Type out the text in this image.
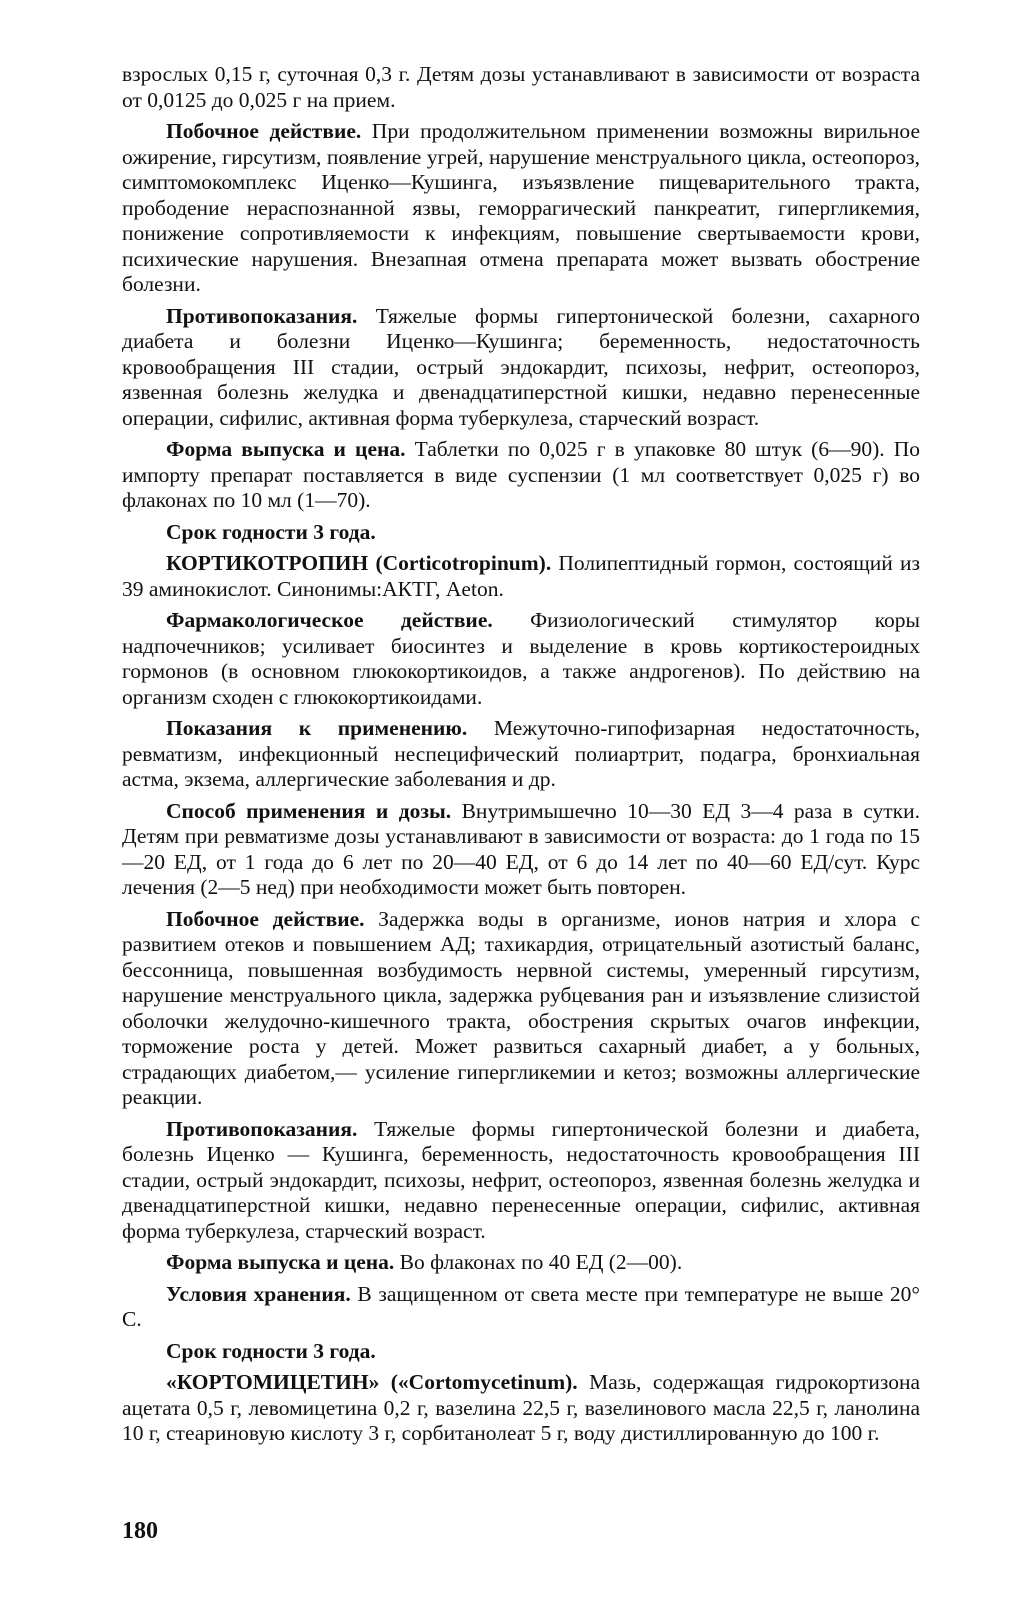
взрослых 0,15 г, суточная 0,3 г. Детям дозы устанавливают в зависимости от возраста от 0,0125 до 0,025 г на прием.

Побочное действие. При продолжительном применении возможны вирильное ожирение, гирсутизм, появление угрей, нарушение менструального цикла, остеопороз, симптомокомплекс Иценко—Кушинга, изъязвление пищеварительного тракта, прободение нераспознанной язвы, геморрагический панкреатит, гипергликемия, понижение сопротивляемости к инфекциям, повышение свертываемости крови, психические нарушения. Внезапная отмена препарата может вызвать обострение болезни.

Противопоказания. Тяжелые формы гипертонической болезни, сахарного диабета и болезни Иценко—Кушинга; беременность, недостаточность кровообращения III стадии, острый эндокардит, психозы, нефрит, остеопороз, язвенная болезнь желудка и двенадцатиперстной кишки, недавно перенесенные операции, сифилис, активная форма туберкулеза, старческий возраст.

Форма выпуска и цена. Таблетки по 0,025 г в упаковке 80 штук (6—90). По импорту препарат поставляется в виде суспензии (1 мл соответствует 0,025 г) во флаконах по 10 мл (1—70).

Срок годности 3 года.

КОРТИКОТРОПИН (Corticotropinum). Полипептидный гормон, состоящий из 39 аминокислот. Синонимы:АКТГ, Aeton.

Фармакологическое действие. Физиологический стимулятор коры надпочечников; усиливает биосинтез и выделение в кровь кортикостероидных гормонов (в основном глюкокортикоидов, а также андрогенов). По действию на организм сходен с глюкокортикоидами.

Показания к применению. Межуточно-гипофизарная недостаточность, ревматизм, инфекционный неспецифический полиартрит, подагра, бронхиальная астма, экзема, аллергические заболевания и др.

Способ применения и дозы. Внутримышечно 10—30 ЕД 3—4 раза в сутки. Детям при ревматизме дозы устанавливают в зависимости от возраста: до 1 года по 15—20 ЕД, от 1 года до 6 лет по 20—40 ЕД, от 6 до 14 лет по 40—60 ЕД/сут. Курс лечения (2—5 нед) при необходимости может быть повторен.

Побочное действие. Задержка воды в организме, ионов натрия и хлора с развитием отеков и повышением АД; тахикардия, отрицательный азотистый баланс, бессонница, повышенная возбудимость нервной системы, умеренный гирсутизм, нарушение менструального цикла, задержка рубцевания ран и изъязвление слизистой оболочки желудочно-кишечного тракта, обострения скрытых очагов инфекции, торможение роста у детей. Может развиться сахарный диабет, а у больных, страдающих диабетом,— усиление гипергликемии и кетоз; возможны аллергические реакции.

Противопоказания. Тяжелые формы гипертонической болезни и диабета, болезнь Иценко — Кушинга, беременность, недостаточность кровообращения III стадии, острый эндокардит, психозы, нефрит, остеопороз, язвенная болезнь желудка и двенадцатиперстной кишки, недавно перенесенные операции, сифилис, активная форма туберкулеза, старческий возраст.

Форма выпуска и цена. Во флаконах по 40 ЕД (2—00).

Условия хранения. В защищенном от света месте при температуре не выше 20° С.

Срок годности 3 года.

«КОРТОМИЦЕТИН» («Cortomycetinum). Мазь, содержащая гидрокортизона ацетата 0,5 г, левомицетина 0,2 г, вазелина 22,5 г, вазелинового масла 22,5 г, ланолина 10 г, стеариновую кислоту 3 г, сорбитанолеат 5 г, воду дистиллированную до 100 г.

180
